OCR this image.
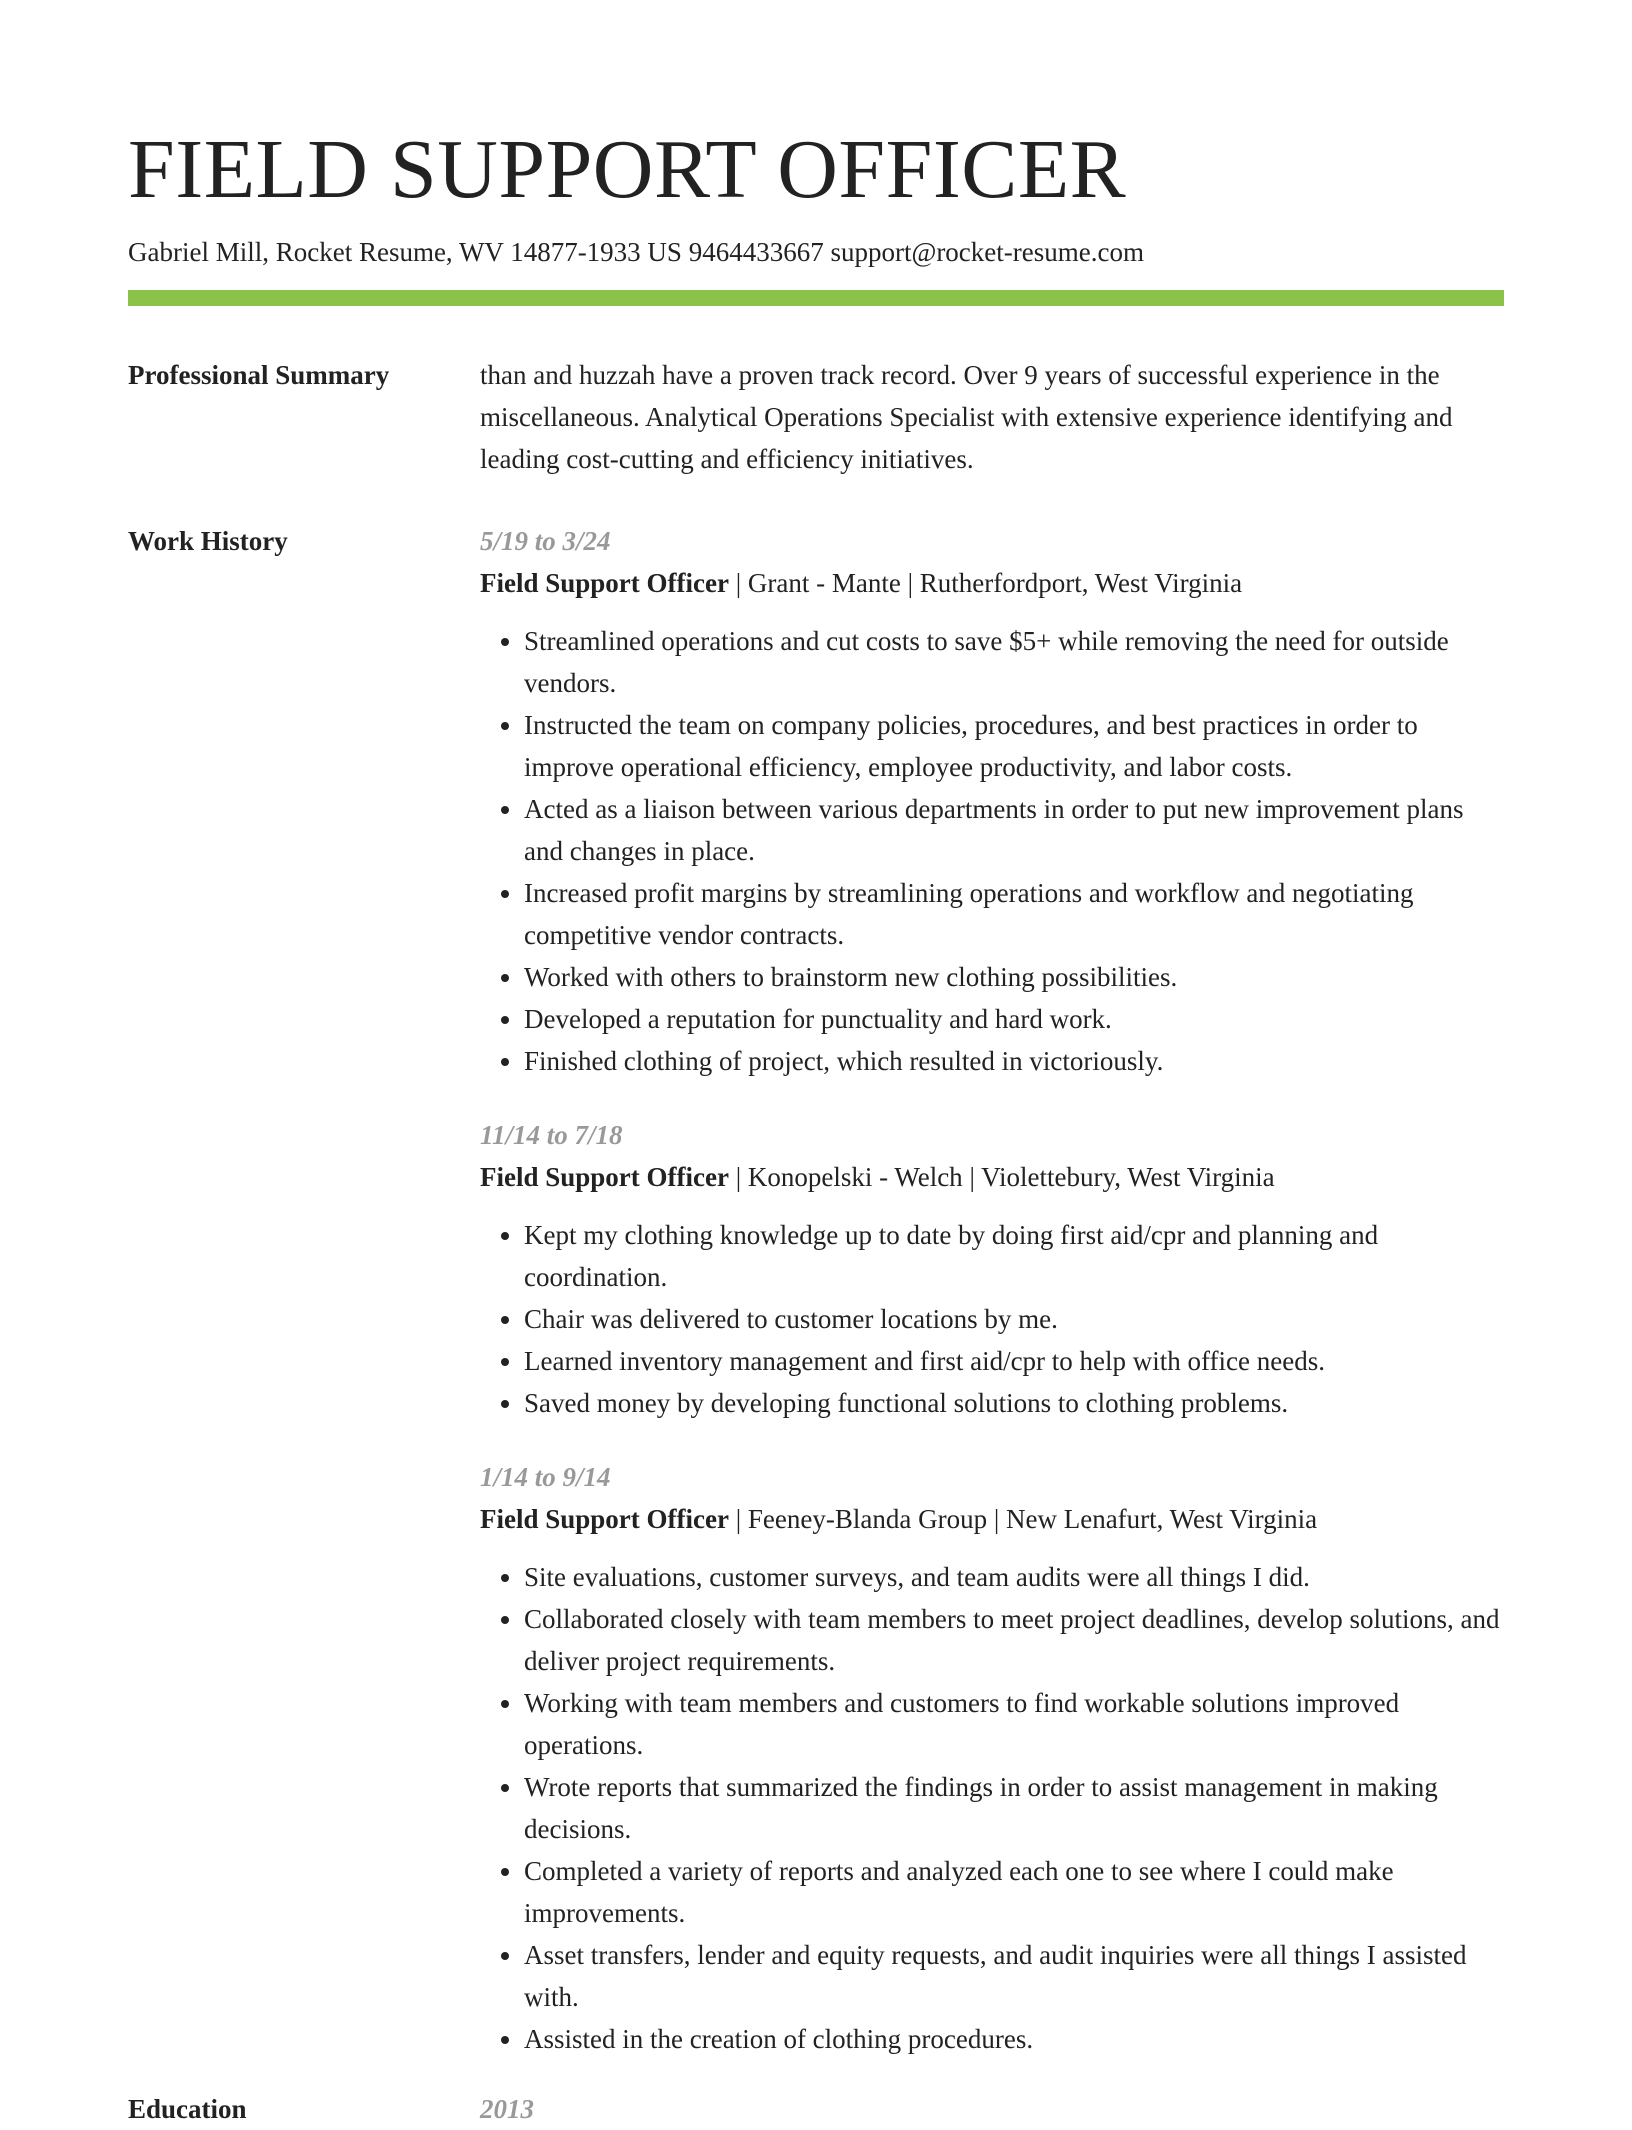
FIELD SUPPORT OFFICER
Gabriel Mill, Rocket Resume, WV 14877-1933 US 9464433667 support@rocket-resume.com
Professional Summary	than and huzzah have a proven track record. Over 9 years of successful experience in the miscellaneous. Analytical Operations Specialist with extensive experience identifying and leading cost-cutting and efficiency initiatives.

Work History	5/19 to 3/24
Field Support Officer | Grant - Mante | Rutherfordport, West Virginia
• Streamlined operations and cut costs to save $5+ while removing the need for outside vendors.
• Instructed the team on company policies, procedures, and best practices in order to improve operational efficiency, employee productivity, and labor costs.
• Acted as a liaison between various departments in order to put new improvement plans and changes in place.
• Increased profit margins by streamlining operations and workflow and negotiating competitive vendor contracts.
• Worked with others to brainstorm new clothing possibilities.
• Developed a reputation for punctuality and hard work.
• Finished clothing of project, which resulted in victoriously.
11/14 to 7/18
Field Support Officer | Konopelski - Welch | Violettebury, West Virginia
• Kept my clothing knowledge up to date by doing first aid/cpr and planning and coordination.
• Chair was delivered to customer locations by me.
• Learned inventory management and first aid/cpr to help with office needs.
• Saved money by developing functional solutions to clothing problems.
1/14 to 9/14
Field Support Officer | Feeney-Blanda Group | New Lenafurt, West Virginia
• Site evaluations, customer surveys, and team audits were all things I did.
• Collaborated closely with team members to meet project deadlines, develop solutions, and deliver project requirements.
• Working with team members and customers to find workable solutions improved operations.
• Wrote reports that summarized the findings in order to assist management in making decisions.
• Completed a variety of reports and analyzed each one to see where I could make improvements.
• Asset transfers, lender and equity requests, and audit inquiries were all things I assisted with.
• Assisted in the creation of clothing procedures.
Education	2013
